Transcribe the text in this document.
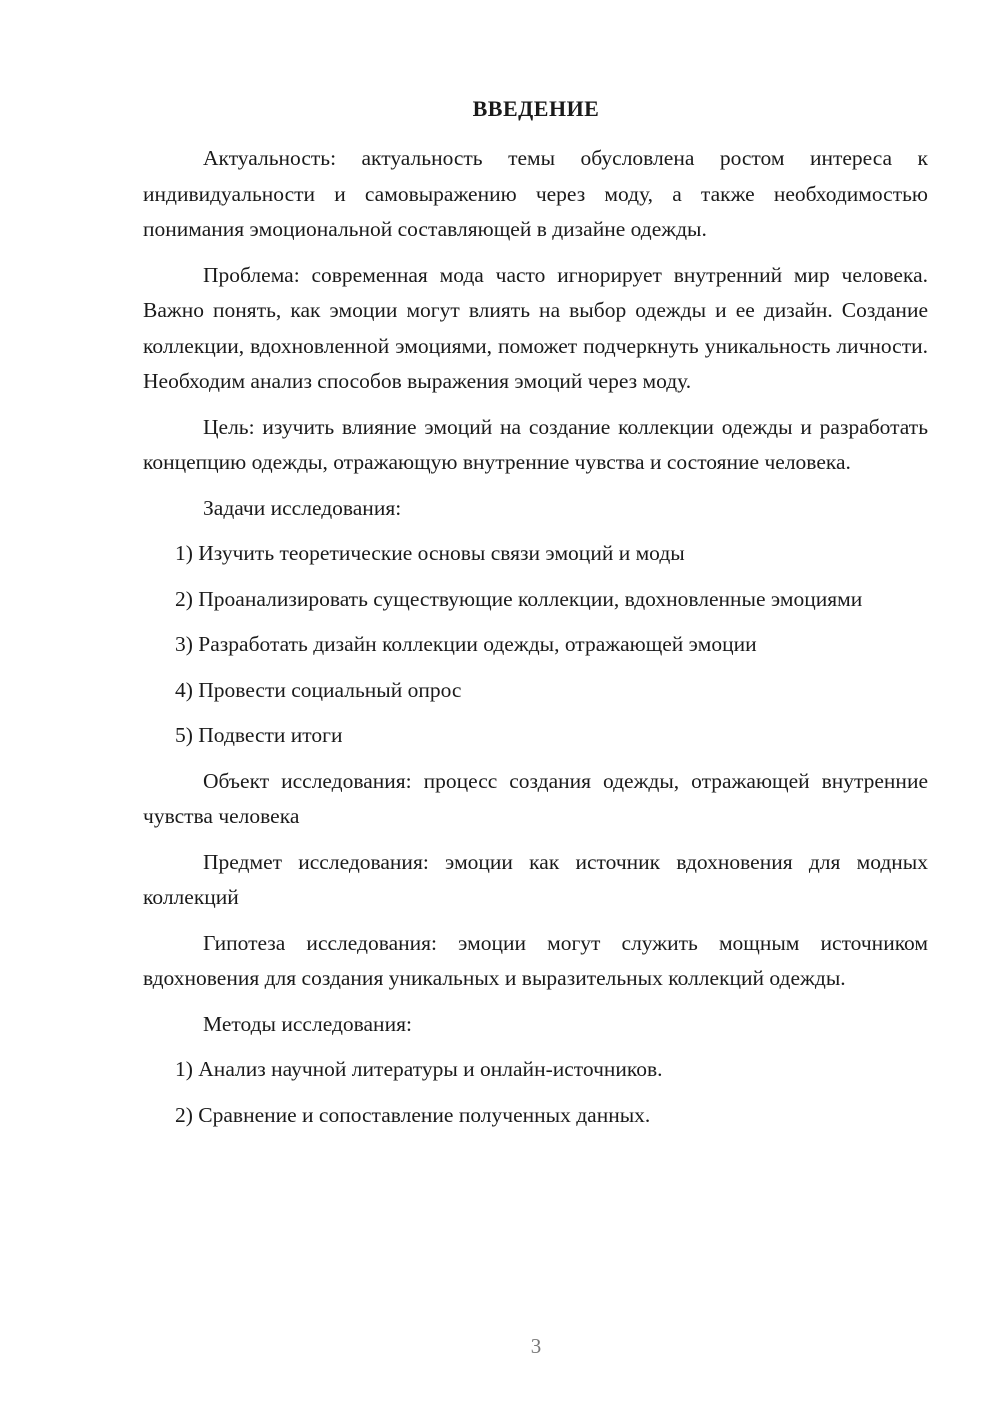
ВВЕДЕНИЕ

Актуальность: актуальность темы обусловлена ростом интереса к индивидуальности и самовыражению через моду, а также необходимостью понимания эмоциональной составляющей в дизайне одежды.

Проблема: современная мода часто игнорирует внутренний мир человека. Важно понять, как эмоции могут влиять на выбор одежды и ее дизайн. Создание коллекции, вдохновленной эмоциями, поможет подчеркнуть уникальность личности. Необходим анализ способов выражения эмоций через моду.

Цель: изучить влияние эмоций на создание коллекции одежды и разработать концепцию одежды, отражающую внутренние чувства и состояние человека.

Задачи исследования:

1) Изучить теоретические основы связи эмоций и моды

2) Проанализировать существующие коллекции, вдохновленные эмоциями

3) Разработать дизайн коллекции одежды, отражающей эмоции

4) Провести социальный опрос

5) Подвести итоги

Объект исследования: процесс создания одежды, отражающей внутренние чувства человека

Предмет исследования: эмоции как источник вдохновения для модных коллекций

Гипотеза исследования: эмоции могут служить мощным источником вдохновения для создания уникальных и выразительных коллекций одежды.

Методы исследования:

1) Анализ научной литературы и онлайн-источников.

2) Сравнение и сопоставление полученных данных.

3
